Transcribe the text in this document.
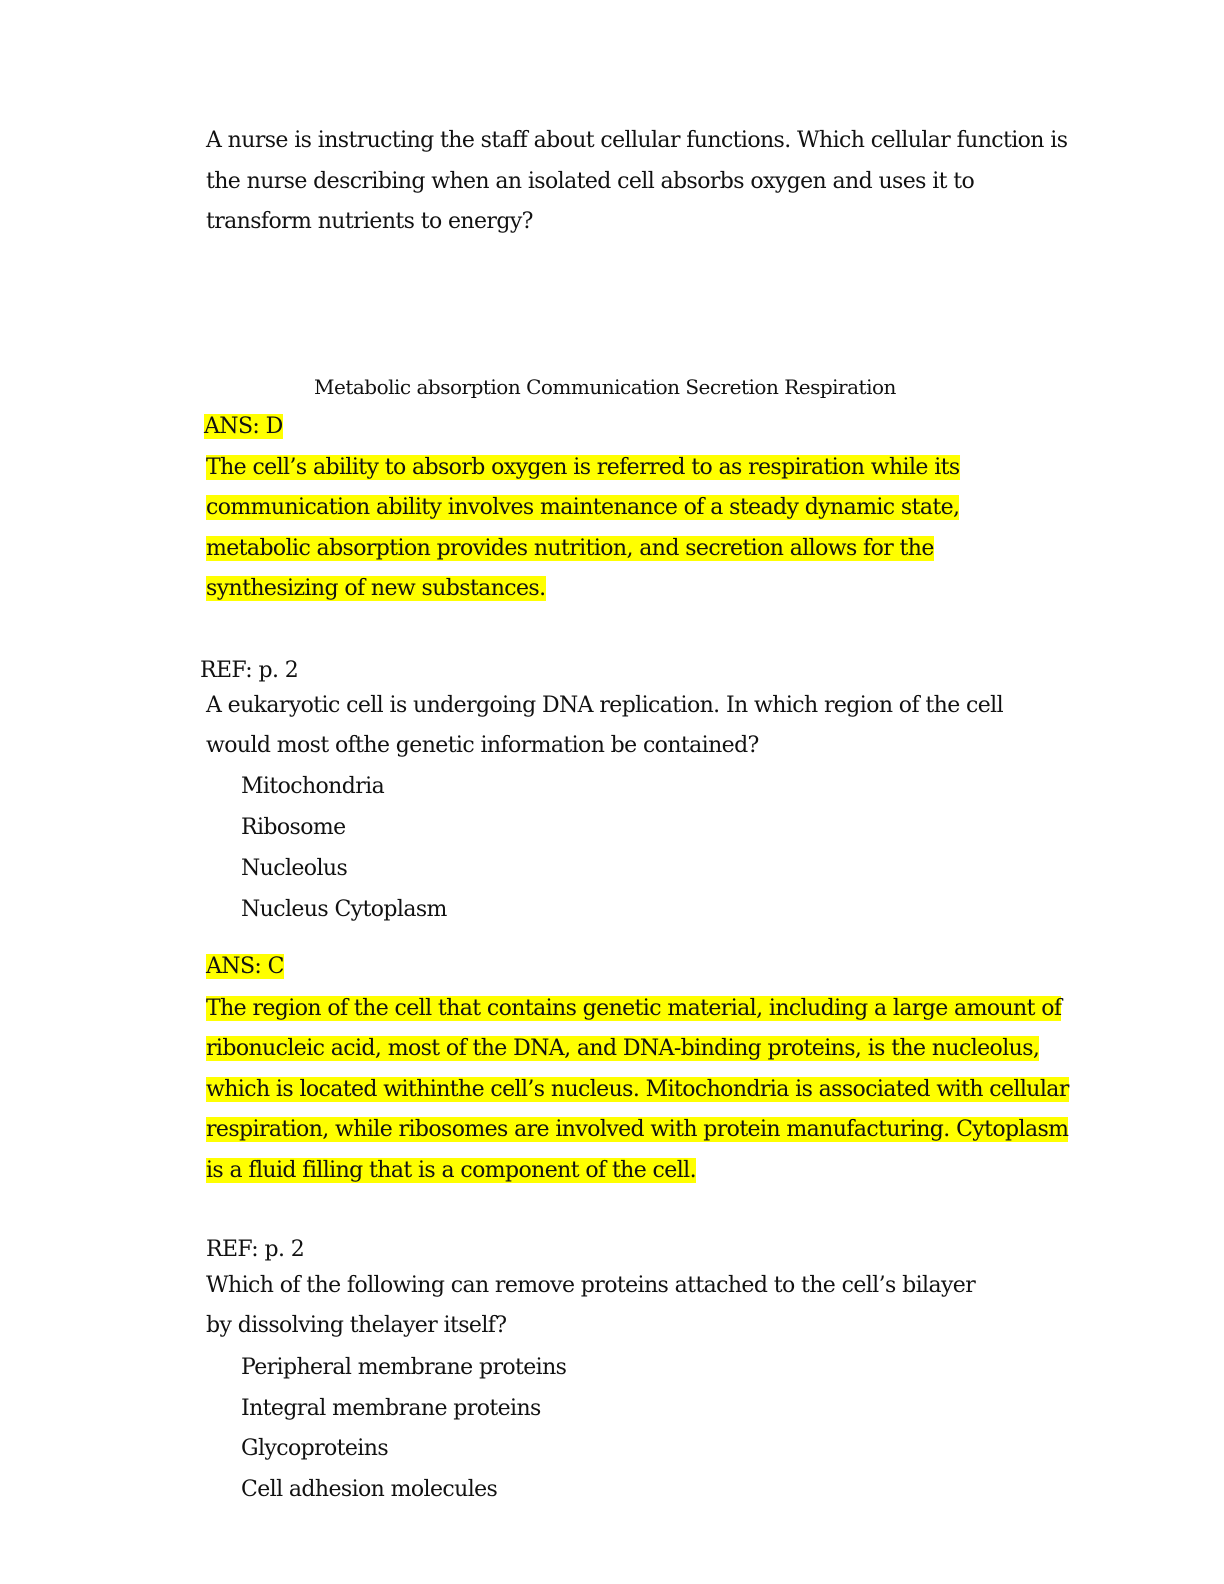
A nurse is instructing the staff about cellular functions. Which cellular function is
the nurse describing when an isolated cell absorbs oxygen and uses it to
transform nutrients to energy?
Metabolic absorption Communication Secretion Respiration
ANS: D
The cell’s ability to absorb oxygen is referred to as respiration while its
communication ability involves maintenance of a steady dynamic state,
metabolic absorption provides nutrition, and secretion allows for the
synthesizing of new substances.
REF: p. 2
A eukaryotic cell is undergoing DNA replication. In which region of the cell
would most ofthe genetic information be contained?
Mitochondria
Ribosome
Nucleolus
Nucleus Cytoplasm
ANS: C
The region of the cell that contains genetic material, including a large amount of
ribonucleic acid, most of the DNA, and DNA-binding proteins, is the nucleolus,
which is located withinthe cell’s nucleus. Mitochondria is associated with cellular
respiration, while ribosomes are involved with protein manufacturing. Cytoplasm
is a fluid filling that is a component of the cell.
REF: p. 2
Which of the following can remove proteins attached to the cell’s bilayer
by dissolving thelayer itself?
Peripheral membrane proteins
Integral membrane proteins
Glycoproteins
Cell adhesion molecules
